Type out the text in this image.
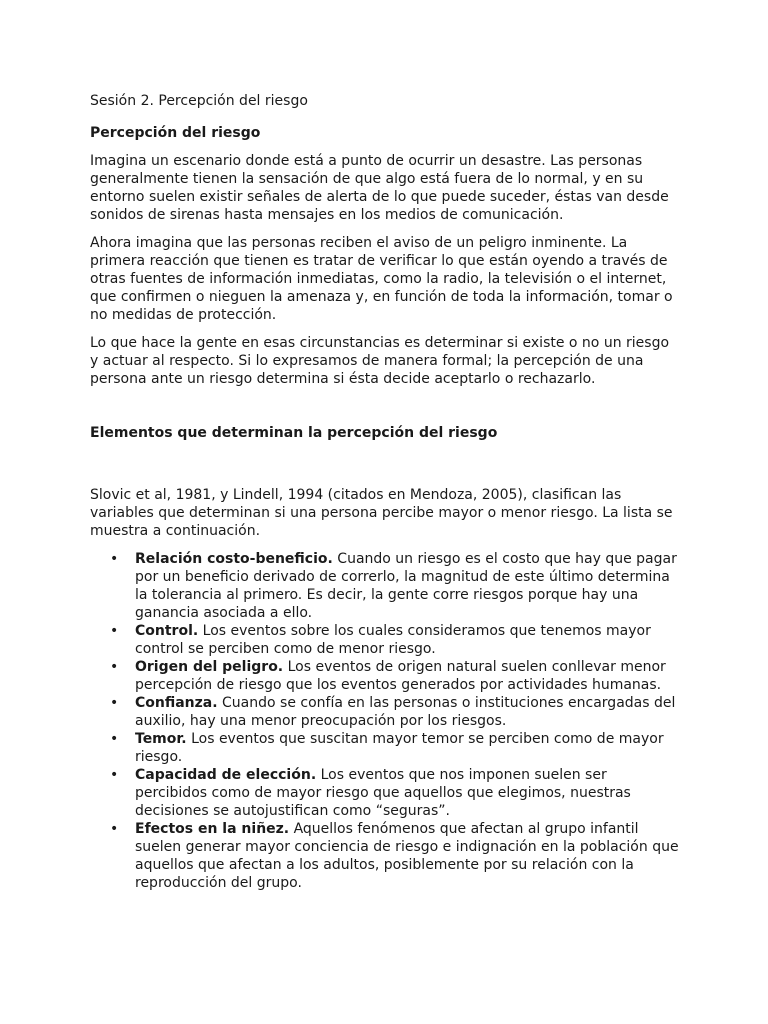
Sesión 2. Percepción del riesgo

Percepción del riesgo

Imagina un escenario donde está a punto de ocurrir un desastre. Las personas generalmente tienen la sensación de que algo está fuera de lo normal, y en su entorno suelen existir señales de alerta de lo que puede suceder, éstas van desde sonidos de sirenas hasta mensajes en los medios de comunicación.

Ahora imagina que las personas reciben el aviso de un peligro inminente. La primera reacción que tienen es tratar de verificar lo que están oyendo a través de otras fuentes de información inmediatas, como la radio, la televisión o el internet, que confirmen o nieguen la amenaza y, en función de toda la información, tomar o no medidas de protección.

Lo que hace la gente en esas circunstancias es determinar si existe o no un riesgo y actuar al respecto. Si lo expresamos de manera formal; la percepción de una persona ante un riesgo determina si ésta decide aceptarlo o rechazarlo.

Elementos que determinan la percepción del riesgo

Slovic et al, 1981, y Lindell, 1994 (citados en Mendoza, 2005), clasifican las variables que determinan si una persona percibe mayor o menor riesgo. La lista se muestra a continuación.

• Relación costo-beneficio. Cuando un riesgo es el costo que hay que pagar por un beneficio derivado de correrlo, la magnitud de este último determina la tolerancia al primero. Es decir, la gente corre riesgos porque hay una ganancia asociada a ello.
• Control. Los eventos sobre los cuales consideramos que tenemos mayor control se perciben como de menor riesgo.
• Origen del peligro. Los eventos de origen natural suelen conllevar menor percepción de riesgo que los eventos generados por actividades humanas.
• Confianza. Cuando se confía en las personas o instituciones encargadas del auxilio, hay una menor preocupación por los riesgos.
• Temor. Los eventos que suscitan mayor temor se perciben como de mayor riesgo.
• Capacidad de elección. Los eventos que nos imponen suelen ser percibidos como de mayor riesgo que aquellos que elegimos, nuestras decisiones se autojustifican como “seguras”.
• Efectos en la niñez. Aquellos fenómenos que afectan al grupo infantil suelen generar mayor conciencia de riesgo e indignación en la población que aquellos que afectan a los adultos, posiblemente por su relación con la reproducción del grupo.
